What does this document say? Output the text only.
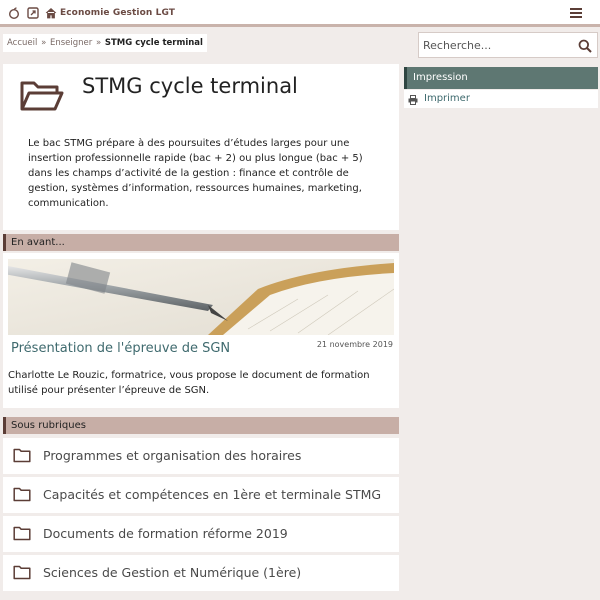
Economie Gestion LGT
Accueil » Enseigner » STMG cycle terminal
Recherche...
STMG cycle terminal

Le bac STMG prépare à des poursuites d’études larges pour une insertion professionnelle rapide (bac + 2) ou plus longue (bac + 5) dans les champs d’activité de la gestion : finance et contrôle de gestion, systèmes d’information, ressources humaines, marketing, communication.

En avant...
Présentation de l'épreuve de SGN	21 novembre 2019

Charlotte Le Rouzic, formatrice, vous propose le document de formation utilisé pour présenter l’épreuve de SGN.

Sous rubriques
Programmes et organisation des horaires
Capacités et compétences en 1ère et terminale STMG
Documents de formation réforme 2019
Sciences de Gestion et Numérique (1ère)
Impression
Imprimer
